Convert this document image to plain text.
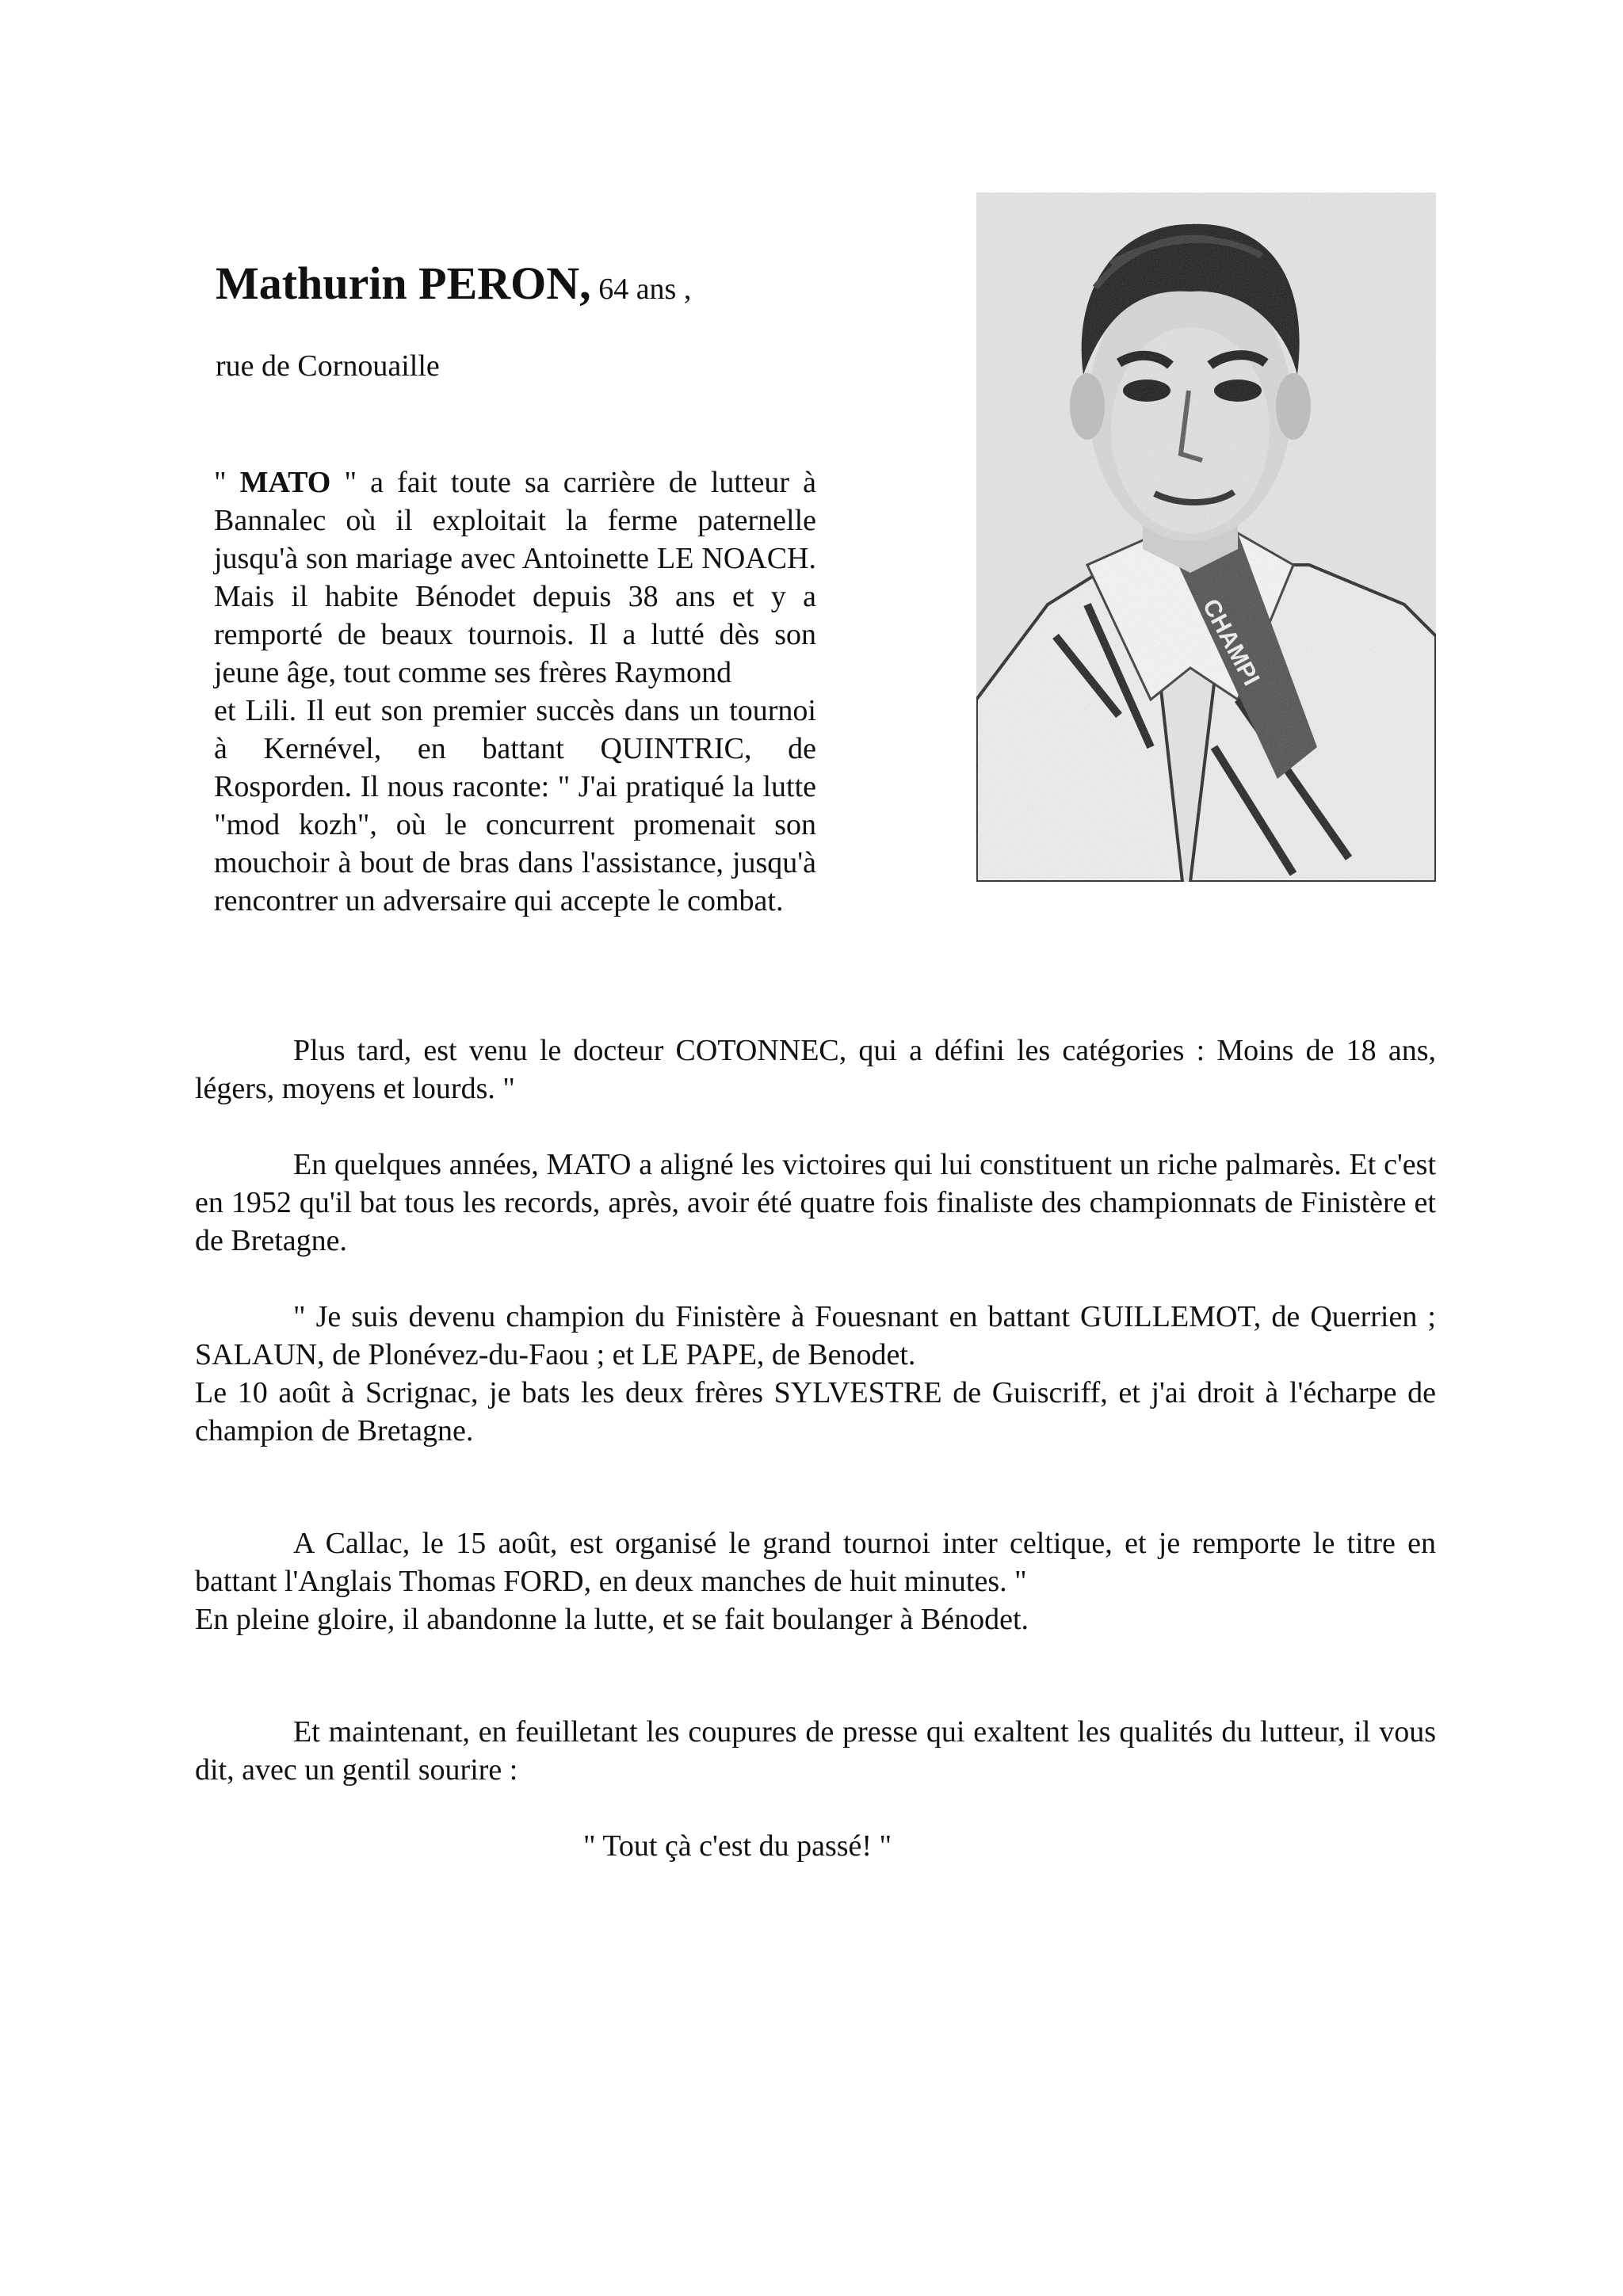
Mathurin PERON, 64 ans ,

rue de Cornouaille

" MATO " a fait toute sa carrière de lutteur à Bannalec où il exploitait la ferme paternelle jusqu'à son mariage avec Antoinette LE NOACH. Mais il habite Bénodet depuis 38 ans et y a remporté de beaux tournois. Il a lutté dès son jeune âge, tout comme ses frères Raymond
et Lili. Il eut son premier succès dans un tournoi à Kernével, en battant QUINTRIC, de Rosporden. Il nous raconte: " J'ai pratiqué la lutte "mod kozh", où le concurrent promenait son mouchoir à bout de bras dans l'assistance, jusqu'à rencontrer un adversaire qui accepte le combat.

Plus tard, est venu le docteur COTONNEC, qui a défini les catégories : Moins de 18 ans, légers, moyens et lourds. "

En quelques années, MATO a aligné les victoires qui lui constituent un riche palmarès. Et c'est en 1952 qu'il bat tous les records, après, avoir été quatre fois finaliste des championnats de Finistère et de Bretagne.

" Je suis devenu champion du Finistère à Fouesnant en battant GUILLEMOT, de Querrien ; SALAUN, de Plonévez-du-Faou ; et LE PAPE, de Benodet.

Le 10 août à Scrignac, je bats les deux frères SYLVESTRE de Guiscriff, et j'ai droit à l'écharpe de champion de Bretagne.

A Callac, le 15 août, est organisé le grand tournoi inter celtique, et je remporte le titre en battant l'Anglais Thomas FORD, en deux manches de huit minutes. "

En pleine gloire, il abandonne la lutte, et se fait boulanger à Bénodet.

Et maintenant, en feuilletant les coupures de presse qui exaltent les qualités du lutteur, il vous dit, avec un gentil sourire :

" Tout çà c'est du passé! "
